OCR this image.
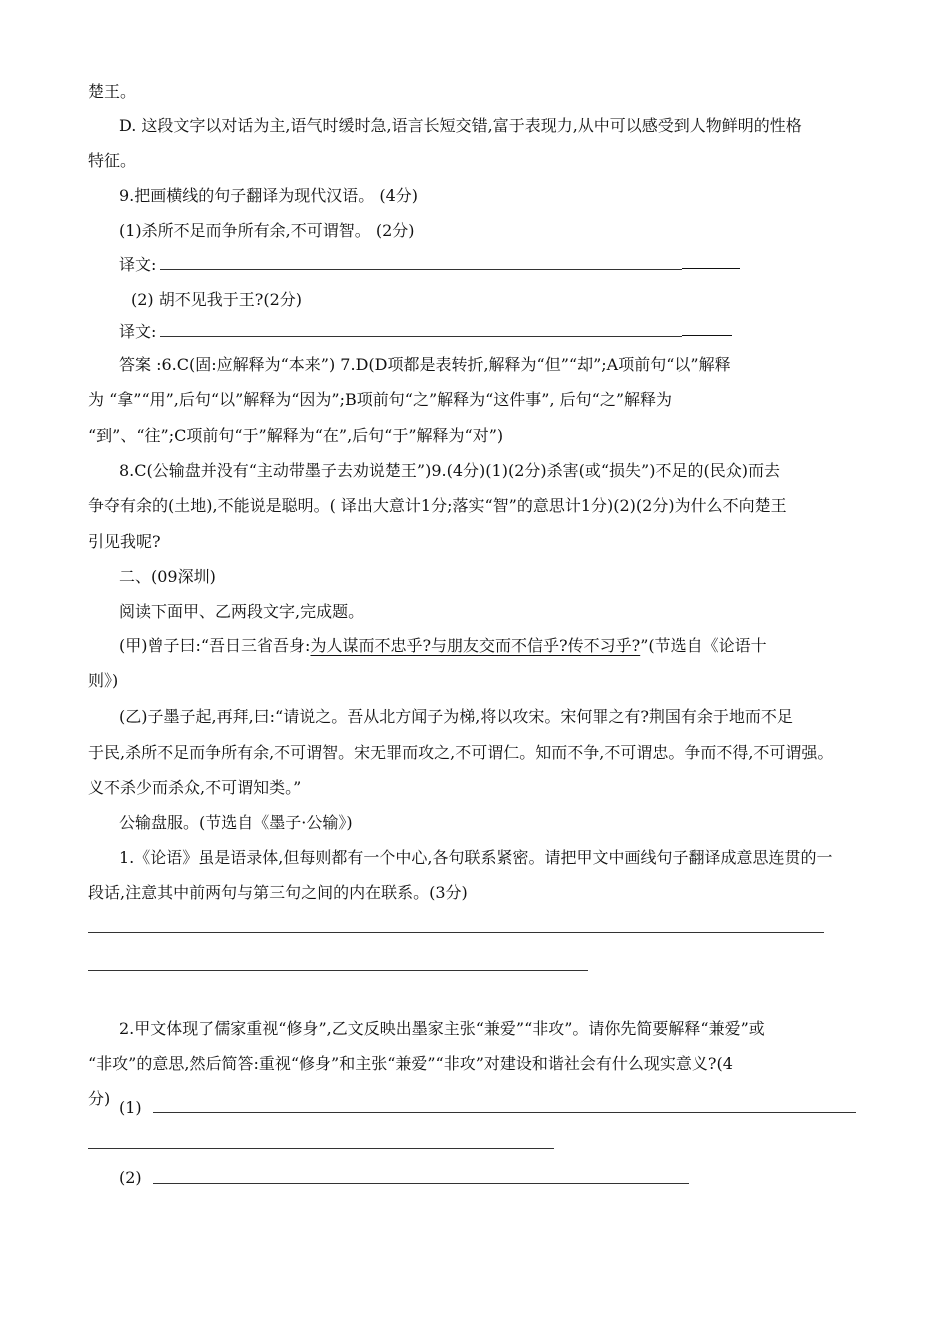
楚王。
D. 这段文字以对话为主,语气时缓时急,语言长短交错,富于表现力,从中可以感受到人物鲜明的性格
特征。
9.把画横线的句子翻译为现代汉语。 (4分)
(1)杀所不足而争所有余,不可谓智。 (2分)
译文:
(2) 胡不见我于王?(2分)
译文:
答案 :6.C(固:应解释为“本来”) 7.D(D项都是表转折,解释为“但”“却”;A项前句“以”解释
为 “拿”“用”,后句“以”解释为“因为”;B项前句“之”解释为“这件事”, 后句“之”解释为
“到”、“往”;C项前句“于”解释为“在”,后句“于”解释为“对”)
8.C(公输盘并没有“主动带墨子去劝说楚王”)9.(4分)(1)(2分)杀害(或“损失”)不足的(民众)而去
争夺有余的(土地),不能说是聪明。( 译出大意计1分;落实“智”的意思计1分)(2)(2分)为什么不向楚王
引见我呢?
二、(09深圳)
阅读下面甲、乙两段文字,完成题。
(甲)曾子曰:“吾日三省吾身:为人谋而不忠乎?与朋友交而不信乎?传不习乎?”(节选自《论语十
则》)
(乙)子墨子起,再拜,曰:“请说之。吾从北方闻子为梯,将以攻宋。宋何罪之有?荆国有余于地而不足
于民,杀所不足而争所有余,不可谓智。宋无罪而攻之,不可谓仁。知而不争,不可谓忠。争而不得,不可谓强。
义不杀少而杀众,不可谓知类。”
公输盘服。(节选自《墨子·公输》)
1.《论语》虽是语录体,但每则都有一个中心,各句联系紧密。请把甲文中画线句子翻译成意思连贯的一
段话,注意其中前两句与第三句之间的内在联系。(3分)
2.甲文体现了儒家重视“修身”,乙文反映出墨家主张“兼爱”“非攻”。请你先简要解释“兼爱”或
“非攻”的意思,然后简答:重视“修身”和主张“兼爱”“非攻”对建设和谐社会有什么现实意义?(4
分) (1)
(2)
